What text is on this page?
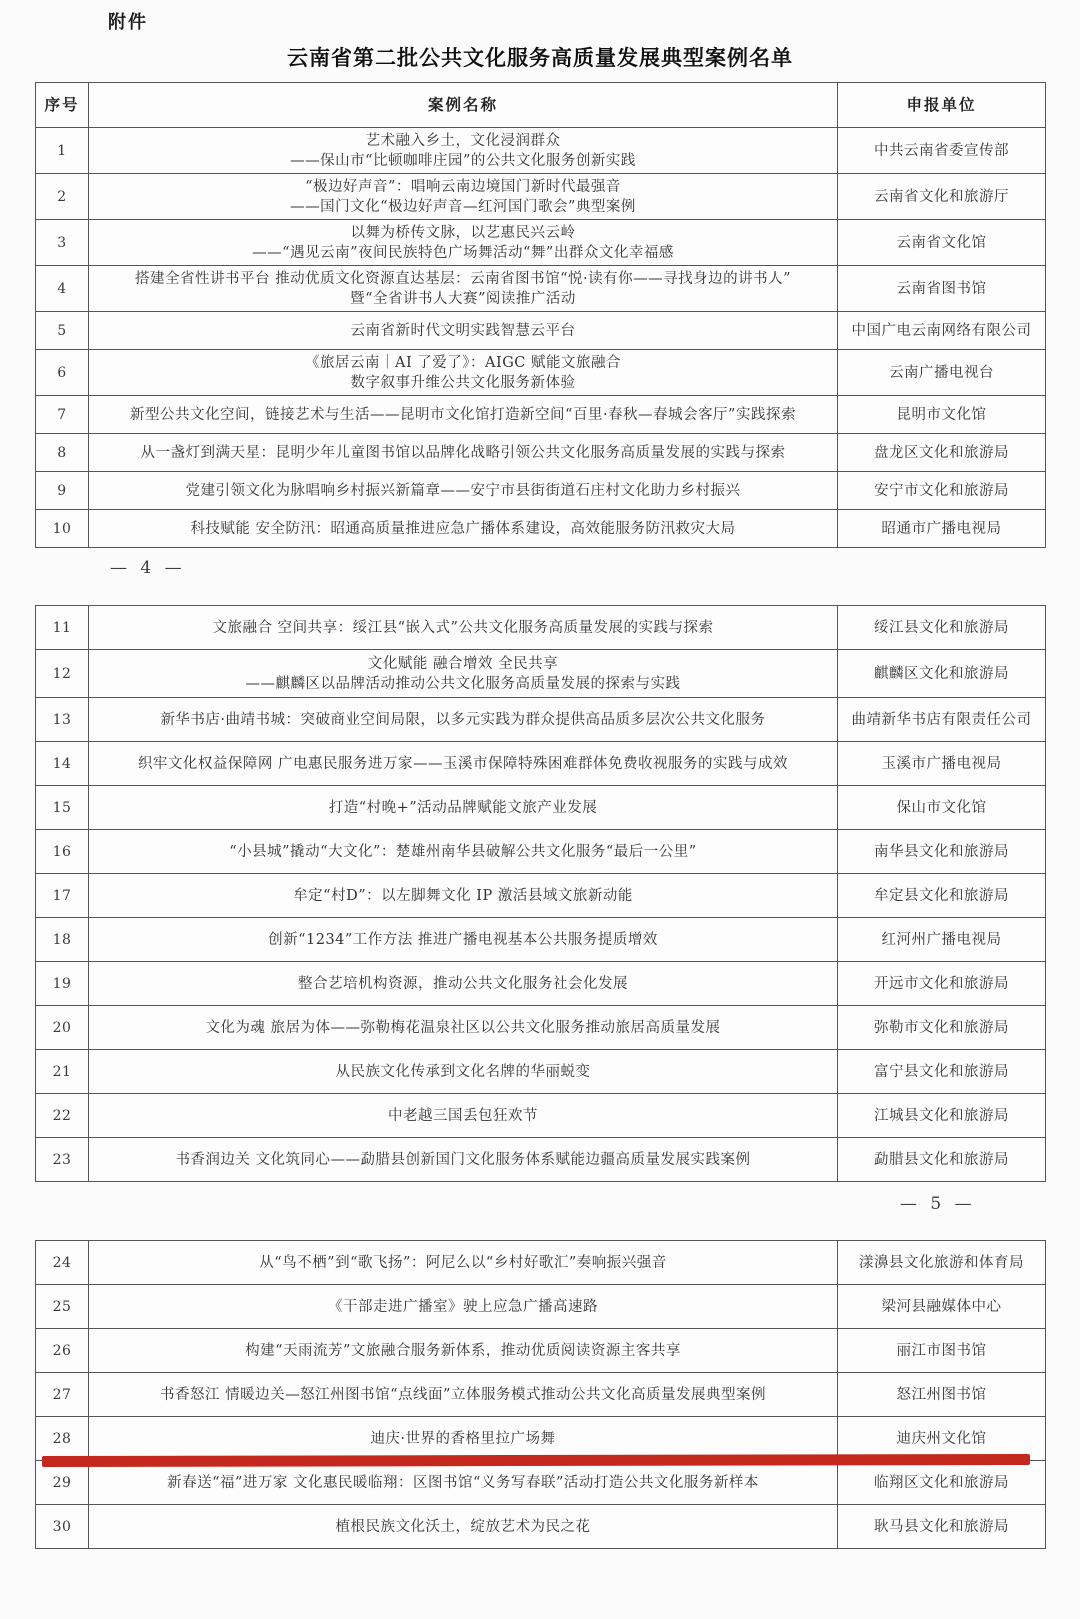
附件
云南省第二批公共文化服务高质量发展典型案例名单
序号	案例名称	申报单位
1	艺术融入乡土，文化浸润群众
——保山市“比顿咖啡庄园”的公共文化服务创新实践	中共云南省委宣传部
2	“极边好声音”：唱响云南边境国门新时代最强音
——国门文化“极边好声音—红河国门歌会”典型案例	云南省文化和旅游厅
3	以舞为桥传文脉，以艺惠民兴云岭
——“遇见云南”夜间民族特色广场舞活动“舞”出群众文化幸福感	云南省文化馆
4	搭建全省性讲书平台 推动优质文化资源直达基层：云南省图书馆“悦·读有你——寻找身边的讲书人”
暨“全省讲书人大赛”阅读推广活动	云南省图书馆
5	云南省新时代文明实践智慧云平台	中国广电云南网络有限公司
6	《旅居云南｜AI 了爱了》：AIGC 赋能文旅融合
数字叙事升维公共文化服务新体验	云南广播电视台
7	新型公共文化空间，链接艺术与生活——昆明市文化馆打造新空间“百里·春秋—春城会客厅”实践探索	昆明市文化馆
8	从一盏灯到满天星：昆明少年儿童图书馆以品牌化战略引领公共文化服务高质量发展的实践与探索	盘龙区文化和旅游局
9	党建引领文化为脉唱响乡村振兴新篇章——安宁市县街街道石庄村文化助力乡村振兴	安宁市文化和旅游局
10	科技赋能 安全防汛：昭通高质量推进应急广播体系建设，高效能服务防汛救灾大局	昭通市广播电视局
— 4 —
11	文旅融合 空间共享：绥江县“嵌入式”公共文化服务高质量发展的实践与探索	绥江县文化和旅游局
12	文化赋能 融合增效 全民共享
——麒麟区以品牌活动推动公共文化服务高质量发展的探索与实践	麒麟区文化和旅游局
13	新华书店·曲靖书城：突破商业空间局限，以多元实践为群众提供高品质多层次公共文化服务	曲靖新华书店有限责任公司
14	织牢文化权益保障网 广电惠民服务进万家——玉溪市保障特殊困难群体免费收视服务的实践与成效	玉溪市广播电视局
15	打造“村晚+”活动品牌赋能文旅产业发展	保山市文化馆
16	“小县城”撬动“大文化”：楚雄州南华县破解公共文化服务“最后一公里”	南华县文化和旅游局
17	牟定“村D”：以左脚舞文化 IP 激活县域文旅新动能	牟定县文化和旅游局
18	创新“1234”工作方法 推进广播电视基本公共服务提质增效	红河州广播电视局
19	整合艺培机构资源，推动公共文化服务社会化发展	开远市文化和旅游局
20	文化为魂 旅居为体——弥勒梅花温泉社区以公共文化服务推动旅居高质量发展	弥勒市文化和旅游局
21	从民族文化传承到文化名牌的华丽蜕变	富宁县文化和旅游局
22	中老越三国丢包狂欢节	江城县文化和旅游局
23	书香润边关 文化筑同心——勐腊县创新国门文化服务体系赋能边疆高质量发展实践案例	勐腊县文化和旅游局
— 5 —
24	从“鸟不栖”到“歌飞扬”：阿尼么以“乡村好歌汇”奏响振兴强音	漾濞县文化旅游和体育局
25	《干部走进广播室》驶上应急广播高速路	梁河县融媒体中心
26	构建“天雨流芳”文旅融合服务新体系，推动优质阅读资源主客共享	丽江市图书馆
27	书香怒江 情暖边关—怒江州图书馆“点线面”立体服务模式推动公共文化高质量发展典型案例	怒江州图书馆
28	迪庆·世界的香格里拉广场舞	迪庆州文化馆
29	新春送“福”进万家 文化惠民暖临翔：区图书馆“义务写春联”活动打造公共文化服务新样本	临翔区文化和旅游局
30	植根民族文化沃土，绽放艺术为民之花	耿马县文化和旅游局
